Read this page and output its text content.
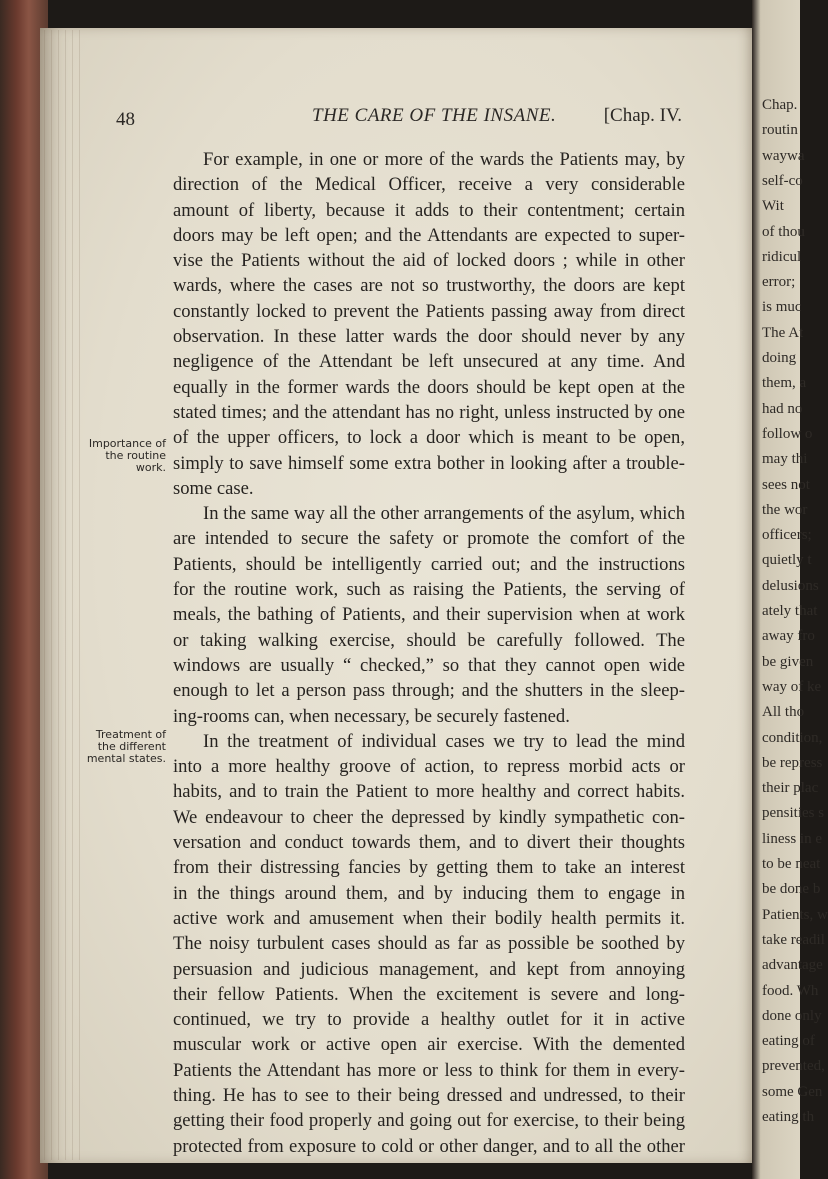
Chap.
routin
waywa
self-co
Wit
of thou
ridicul
error;
is muc
The At
doing
them, a
had no
follow o
may thi
sees not
the wor
officers;
quietly t
delusions
ately that
away fro
be given
way of ke
All tho
condition,
be repress
their plac
pensities s
liness in e
to be neat
be done b
Patients, w
take readil
advantage
food. Wh
done only
eating of
prevented,
some Gen
eating th
48	THE CARE OF THE INSANE. [Chap. IV.
Importance of
the routine
work.
Treatment of
the different
mental states.
For example, in one or more of the wards the Patients may, by
direction of the Medical Officer, receive a very considerable
amount of liberty, because it adds to their contentment; certain
doors may be left open; and the Attendants are expected to super-
vise the Patients without the aid of locked doors ; while in other
wards, where the cases are not so trustworthy, the doors are kept
constantly locked to prevent the Patients passing away from direct
observation. In these latter wards the door should never by any
negligence of the Attendant be left unsecured at any time. And
equally in the former wards the doors should be kept open at the
stated times; and the attendant has no right, unless instructed by one
of the upper officers, to lock a door which is meant to be open,
simply to save himself some extra bother in looking after a trouble-
some case.
In the same way all the other arrangements of the asylum, which
are intended to secure the safety or promote the comfort of the
Patients, should be intelligently carried out; and the instructions
for the routine work, such as raising the Patients, the serving of
meals, the bathing of Patients, and their supervision when at work
or taking walking exercise, should be carefully followed. The
windows are usually “ checked,” so that they cannot open wide
enough to let a person pass through; and the shutters in the sleep-
ing-rooms can, when necessary, be securely fastened.
In the treatment of individual cases we try to lead the mind
into a more healthy groove of action, to repress morbid acts or
habits, and to train the Patient to more healthy and correct habits.
We endeavour to cheer the depressed by kindly sympathetic con-
versation and conduct towards them, and to divert their thoughts
from their distressing fancies by getting them to take an interest
in the things around them, and by inducing them to engage in
active work and amusement when their bodily health permits it.
The noisy turbulent cases should as far as possible be soothed by
persuasion and judicious management, and kept from annoying
their fellow Patients. When the excitement is severe and long-
continued, we try to provide a healthy outlet for it in active
muscular work or active open air exercise. With the demented
Patients the Attendant has more or less to think for them in every-
thing. He has to see to their being dressed and undressed, to their
getting their food properly and going out for exercise, to their being
protected from exposure to cold or other danger, and to all the other
